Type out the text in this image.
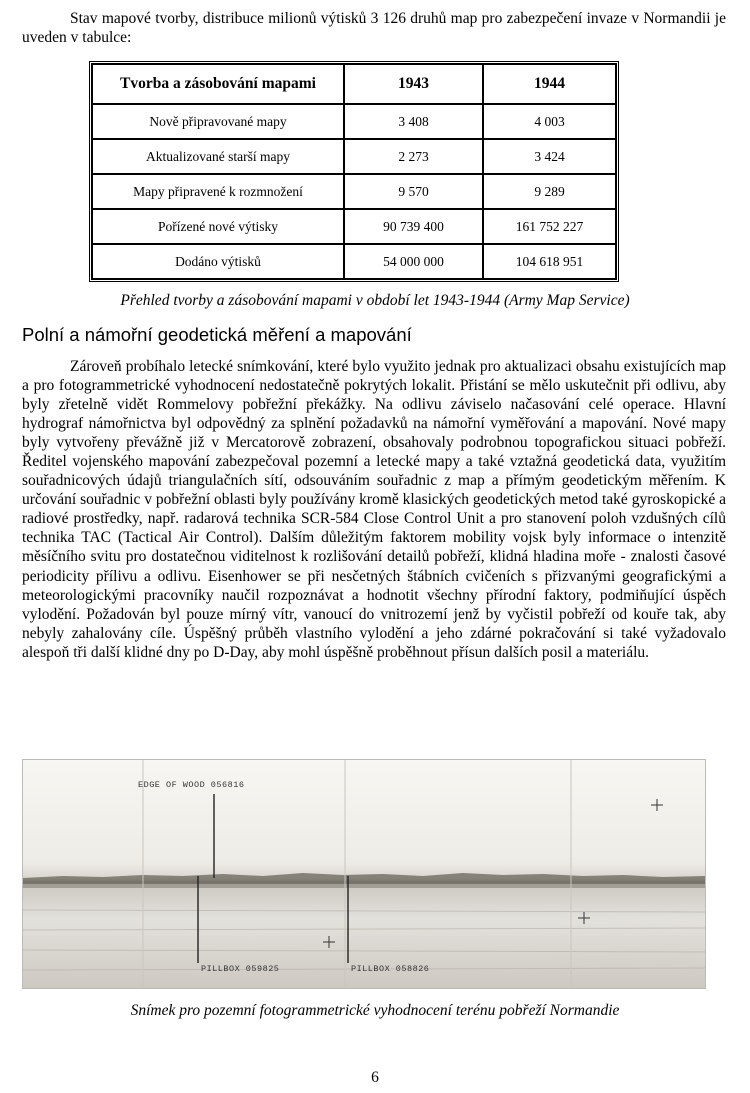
Stav mapové tvorby, distribuce milionů výtisků 3 126 druhů map pro zabezpečení invaze v Normandii je uveden v tabulce:

Tvorba a zásobování mapami	1943	1944
Nově připravované mapy	3 408	4 003
Aktualizované starší mapy	2 273	3 424
Mapy připravené k rozmnožení	9 570	9 289
Pořízené nové výtisky	90 739 400	161 752 227
Dodáno výtisků	54 000 000	104 618 951

Přehled tvorby a zásobování mapami v období let 1943-1944 (Army Map Service)

Polní a námořní geodetická měření a mapování

Zároveň probíhalo letecké snímkování, které bylo využito jednak pro aktualizaci obsahu existujících map a pro fotogrammetrické vyhodnocení nedostatečně pokrytých lokalit. Přistání se mělo uskutečnit při odlivu, aby byly zřetelně vidět Rommelovy pobřežní překážky. Na odlivu záviselo načasování celé operace. Hlavní hydrograf námořnictva byl odpovědný za splnění požadavků na námořní vyměřování a mapování. Nové mapy byly vytvořeny převážně již v Mercatorově zobrazení, obsahovaly podrobnou topografickou situaci pobřeží. Ředitel vojenského mapování zabezpečoval pozemní a letecké mapy a také vztažná geodetická data, využitím souřadnicových údajů triangulačních sítí, odsouváním souřadnic z map a přímým geodetickým měřením. K určování souřadnic v pobřežní oblasti byly používány kromě klasických geodetických metod také gyroskopické a radiové prostředky, např. radarová technika SCR-584 Close Control Unit a pro stanovení poloh vzdušných cílů technika TAC (Tactical Air Control). Dalším důležitým faktorem mobility vojsk byly informace o intenzitě měsíčního svitu pro dostatečnou viditelnost k rozlišování detailů pobřeží, klidná hladina moře - znalosti časové periodicity přílivu a odlivu. Eisenhower se při nesčetných štábních cvičeních s přizvanými geografickými a meteorologickými pracovníky naučil rozpoznávat a hodnotit všechny přírodní faktory, podmiňující úspěch vylodění. Požadován byl pouze mírný vítr, vanoucí do vnitrozemí jenž by vyčistil pobřeží od kouře tak, aby nebyly zahalovány cíle. Úspěšný průběh vlastního vylodění a jeho zdárné pokračování si také vyžadovalo alespoň tři další klidné dny po D-Day, aby mohl úspěšně proběhnout přísun dalších posil a materiálu.

EDGE OF WOOD 056816
PILLBOX 059825	PILLBOX 058826

Snímek pro pozemní fotogrammetrické vyhodnocení terénu pobřeží Normandie

6
